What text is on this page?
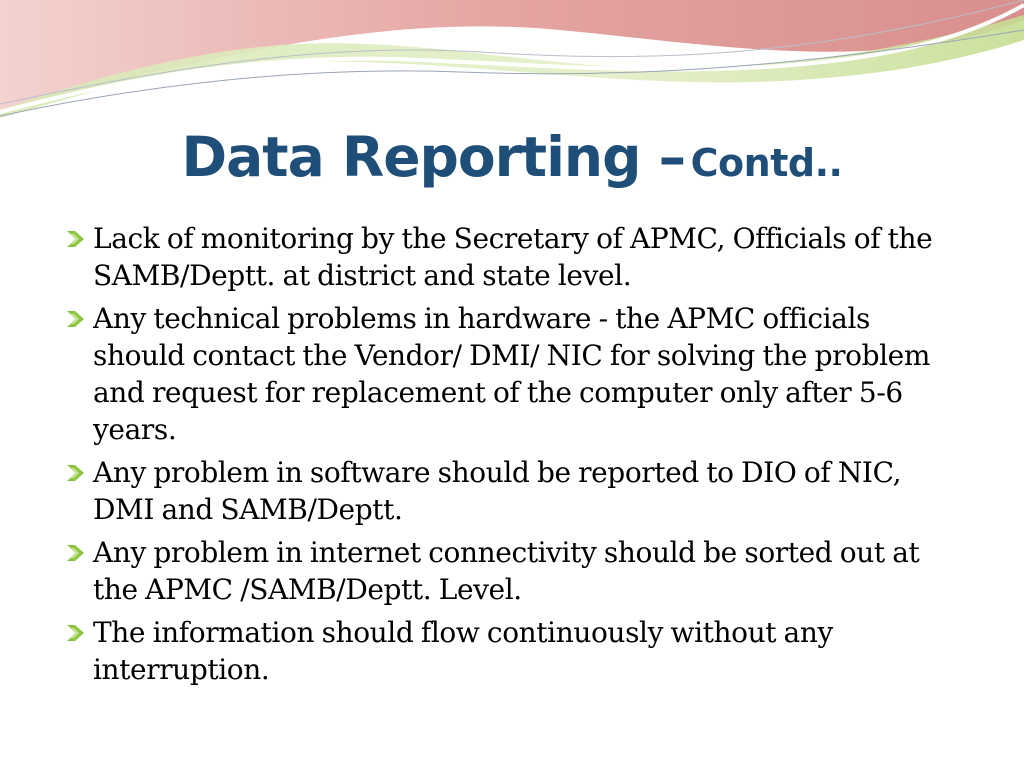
Data Reporting – Contd..
Lack of monitoring by the Secretary of APMC, Officials of the SAMB/Deptt. at district and state level.
Any technical problems in hardware - the APMC officials should contact the Vendor/ DMI/ NIC for solving the problem and request for replacement of the computer only after 5-6 years.
Any problem in software should be reported to DIO of NIC, DMI and SAMB/Deptt.
Any problem in internet connectivity should be sorted out at the APMC /SAMB/Deptt. Level.
The information should flow continuously without any interruption.
